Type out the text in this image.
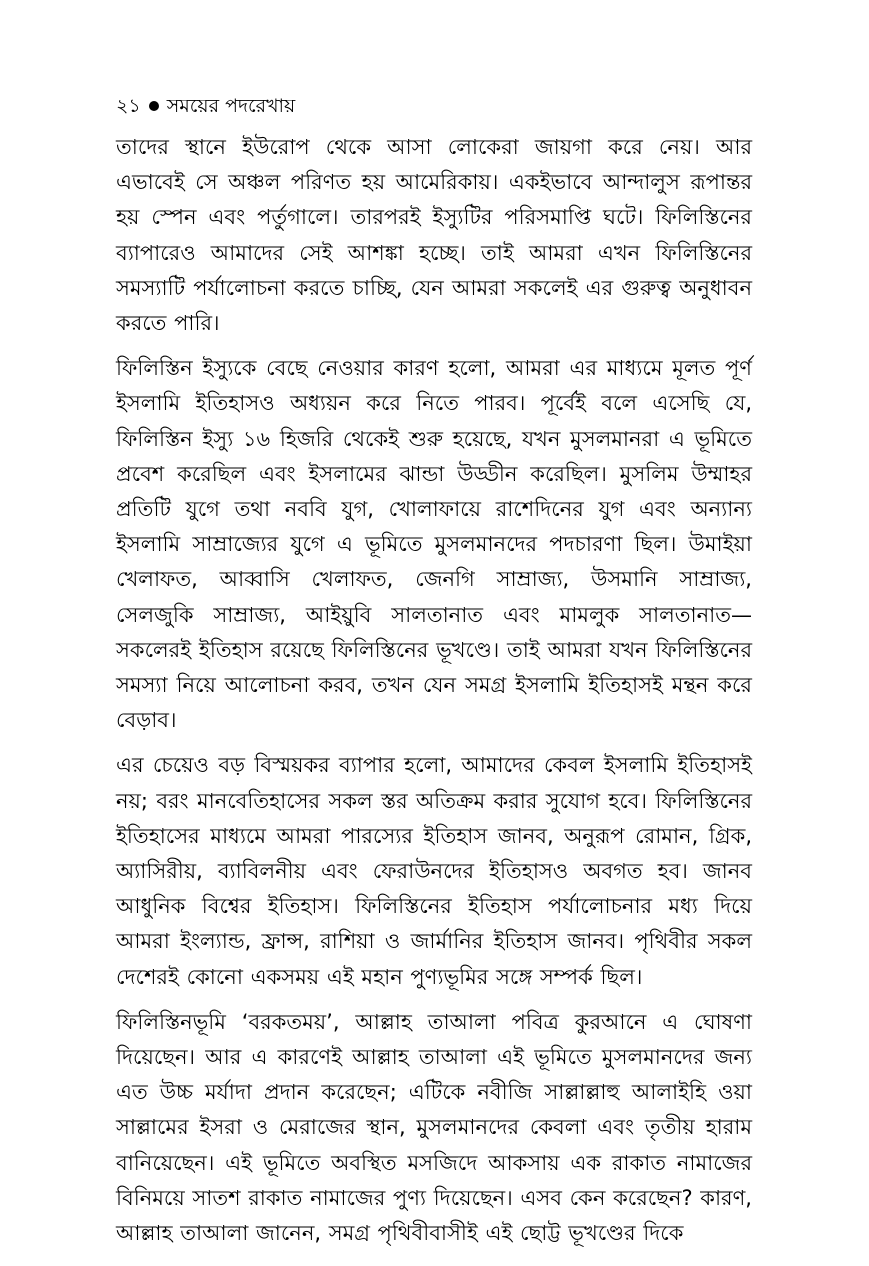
২১ সময়ের পদরেখায়

তাদের স্থানে ইউরোপ থেকে আসা লোকেরা জায়গা করে নেয়। আর এভাবেই সে অঞ্চল পরিণত হয় আমেরিকায়। একইভাবে আন্দালুস রূপান্তর হয় স্পেন এবং পর্তুগালে। তারপরই ইস্যুটির পরিসমাপ্তি ঘটে। ফিলিস্তিনের ব্যাপারেও আমাদের সেই আশঙ্কা হচ্ছে। তাই আমরা এখন ফিলিস্তিনের সমস্যাটি পর্যালোচনা করতে চাচ্ছি, যেন আমরা সকলেই এর গুরুত্ব অনুধাবন করতে পারি।

ফিলিস্তিন ইস্যুকে বেছে নেওয়ার কারণ হলো, আমরা এর মাধ্যমে মূলত পূর্ণ ইসলামি ইতিহাসও অধ্যয়ন করে নিতে পারব। পূর্বেই বলে এসেছি যে, ফিলিস্তিন ইস্যু ১৬ হিজরি থেকেই শুরু হয়েছে, যখন মুসলমানরা এ ভূমিতে প্রবেশ করেছিল এবং ইসলামের ঝান্ডা উড্ডীন করেছিল। মুসলিম উম্মাহর প্রতিটি যুগে তথা নববি যুগ, খোলাফায়ে রাশেদিনের যুগ এবং অন্যান্য ইসলামি সাম্রাজ্যের যুগে এ ভূমিতে মুসলমানদের পদচারণা ছিল। উমাইয়া খেলাফত, আব্বাসি খেলাফত, জেনগি সাম্রাজ্য, উসমানি সাম্রাজ্য, সেলজুকি সাম্রাজ্য, আইয়ুবি সালতানাত এবং মামলুক সালতানাত—সকলেরই ইতিহাস রয়েছে ফিলিস্তিনের ভূখণ্ডে। তাই আমরা যখন ফিলিস্তিনের সমস্যা নিয়ে আলোচনা করব, তখন যেন সমগ্র ইসলামি ইতিহাসই মন্থন করে বেড়াব।

এর চেয়েও বড় বিস্ময়কর ব্যাপার হলো, আমাদের কেবল ইসলামি ইতিহাসই নয়; বরং মানবেতিহাসের সকল স্তর অতিক্রম করার সুযোগ হবে। ফিলিস্তিনের ইতিহাসের মাধ্যমে আমরা পারস্যের ইতিহাস জানব, অনুরূপ রোমান, গ্রিক, অ্যাসিরীয়, ব্যাবিলনীয় এবং ফেরাউনদের ইতিহাসও অবগত হব। জানব আধুনিক বিশ্বের ইতিহাস। ফিলিস্তিনের ইতিহাস পর্যালোচনার মধ্য দিয়ে আমরা ইংল্যান্ড, ফ্রান্স, রাশিয়া ও জার্মানির ইতিহাস জানব। পৃথিবীর সকল দেশেরই কোনো একসময় এই মহান পুণ্যভূমির সঙ্গে সম্পর্ক ছিল।

ফিলিস্তিনভূমি ‘বরকতময়’, আল্লাহ তাআলা পবিত্র কুরআনে এ ঘোষণা দিয়েছেন। আর এ কারণেই আল্লাহ তাআলা এই ভূমিতে মুসলমানদের জন্য এত উচ্চ মর্যাদা প্রদান করেছেন; এটিকে নবীজি সাল্লাল্লাহু আলাইহি ওয়া সাল্লামের ইসরা ও মেরাজের স্থান, মুসলমানদের কেবলা এবং তৃতীয় হারাম বানিয়েছেন। এই ভূমিতে অবস্থিত মসজিদে আকসায় এক রাকাত নামাজের বিনিময়ে সাতশ রাকাত নামাজের পুণ্য দিয়েছেন। এসব কেন করেছেন? কারণ, আল্লাহ তাআলা জানেন, সমগ্র পৃথিবীবাসীই এই ছোট্ট ভূখণ্ডের দিকে
